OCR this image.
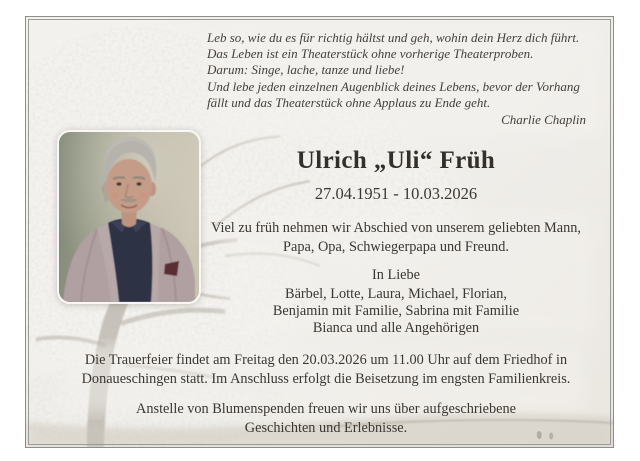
Leb so, wie du es für richtig hältst und geh, wohin dein Herz dich führt.
Das Leben ist ein Theaterstück ohne vorherige Theaterproben.
Darum: Singe, lache, tanze und liebe!
Und lebe jeden einzelnen Augenblick deines Lebens, bevor der Vorhang
fällt und das Theaterstück ohne Applaus zu Ende geht.
Charlie Chaplin
Ulrich „Uli“ Früh
27.04.1951 - 10.03.2026
Viel zu früh nehmen wir Abschied von unserem geliebten Mann,
Papa, Opa, Schwiegerpapa und Freund.
In Liebe
Bärbel, Lotte, Laura, Michael, Florian,
Benjamin mit Familie, Sabrina mit Familie
Bianca und alle Angehörigen
Die Trauerfeier findet am Freitag den 20.03.2026 um 11.00 Uhr auf dem Friedhof in
Donaueschingen statt. Im Anschluss erfolgt die Beisetzung im engsten Familienkreis.
Anstelle von Blumenspenden freuen wir uns über aufgeschriebene
Geschichten und Erlebnisse.
